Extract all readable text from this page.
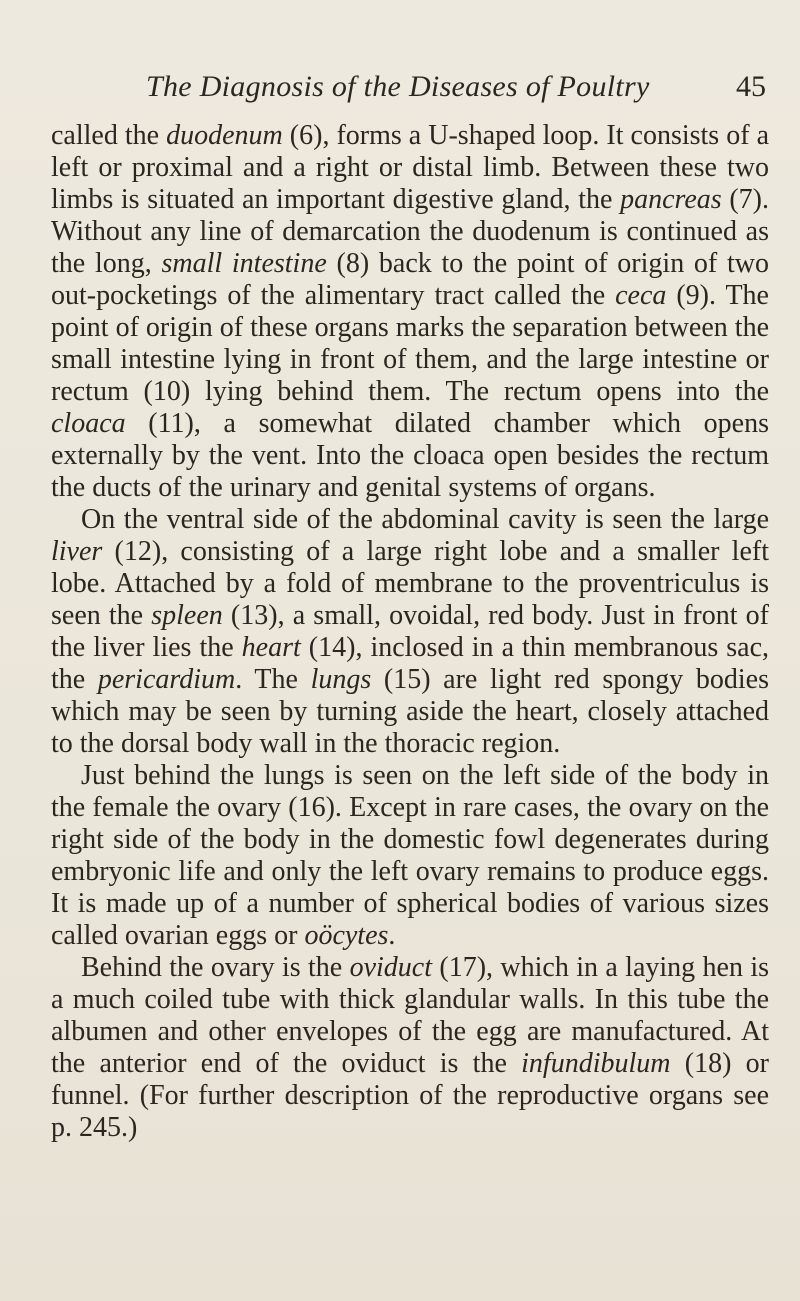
The Diagnosis of the Diseases of Poultry	45

called the duodenum (6), forms a U-shaped loop. It consists of a left or proximal and a right or distal limb. Between these two limbs is situated an important digestive gland, the pancreas (7). Without any line of demarcation the duodenum is continued as the long, small intestine (8) back to the point of origin of two out-pocketings of the alimentary tract called the ceca (9). The point of origin of these organs marks the separation between the small intestine lying in front of them, and the large intestine or rectum (10) lying behind them. The rectum opens into the cloaca (11), a somewhat dilated chamber which opens externally by the vent. Into the cloaca open besides the rectum the ducts of the urinary and genital systems of organs.

On the ventral side of the abdominal cavity is seen the large liver (12), consisting of a large right lobe and a smaller left lobe. Attached by a fold of membrane to the proventriculus is seen the spleen (13), a small, ovoidal, red body. Just in front of the liver lies the heart (14), inclosed in a thin membranous sac, the pericardium. The lungs (15) are light red spongy bodies which may be seen by turning aside the heart, closely attached to the dorsal body wall in the thoracic region.

Just behind the lungs is seen on the left side of the body in the female the ovary (16). Except in rare cases, the ovary on the right side of the body in the domestic fowl degenerates during embryonic life and only the left ovary remains to produce eggs. It is made up of a number of spherical bodies of various sizes called ovarian eggs or oöcytes.

Behind the ovary is the oviduct (17), which in a laying hen is a much coiled tube with thick glandular walls. In this tube the albumen and other envelopes of the egg are manufactured. At the anterior end of the oviduct is the infundibulum (18) or funnel. (For further description of the reproductive organs see p. 245.)
